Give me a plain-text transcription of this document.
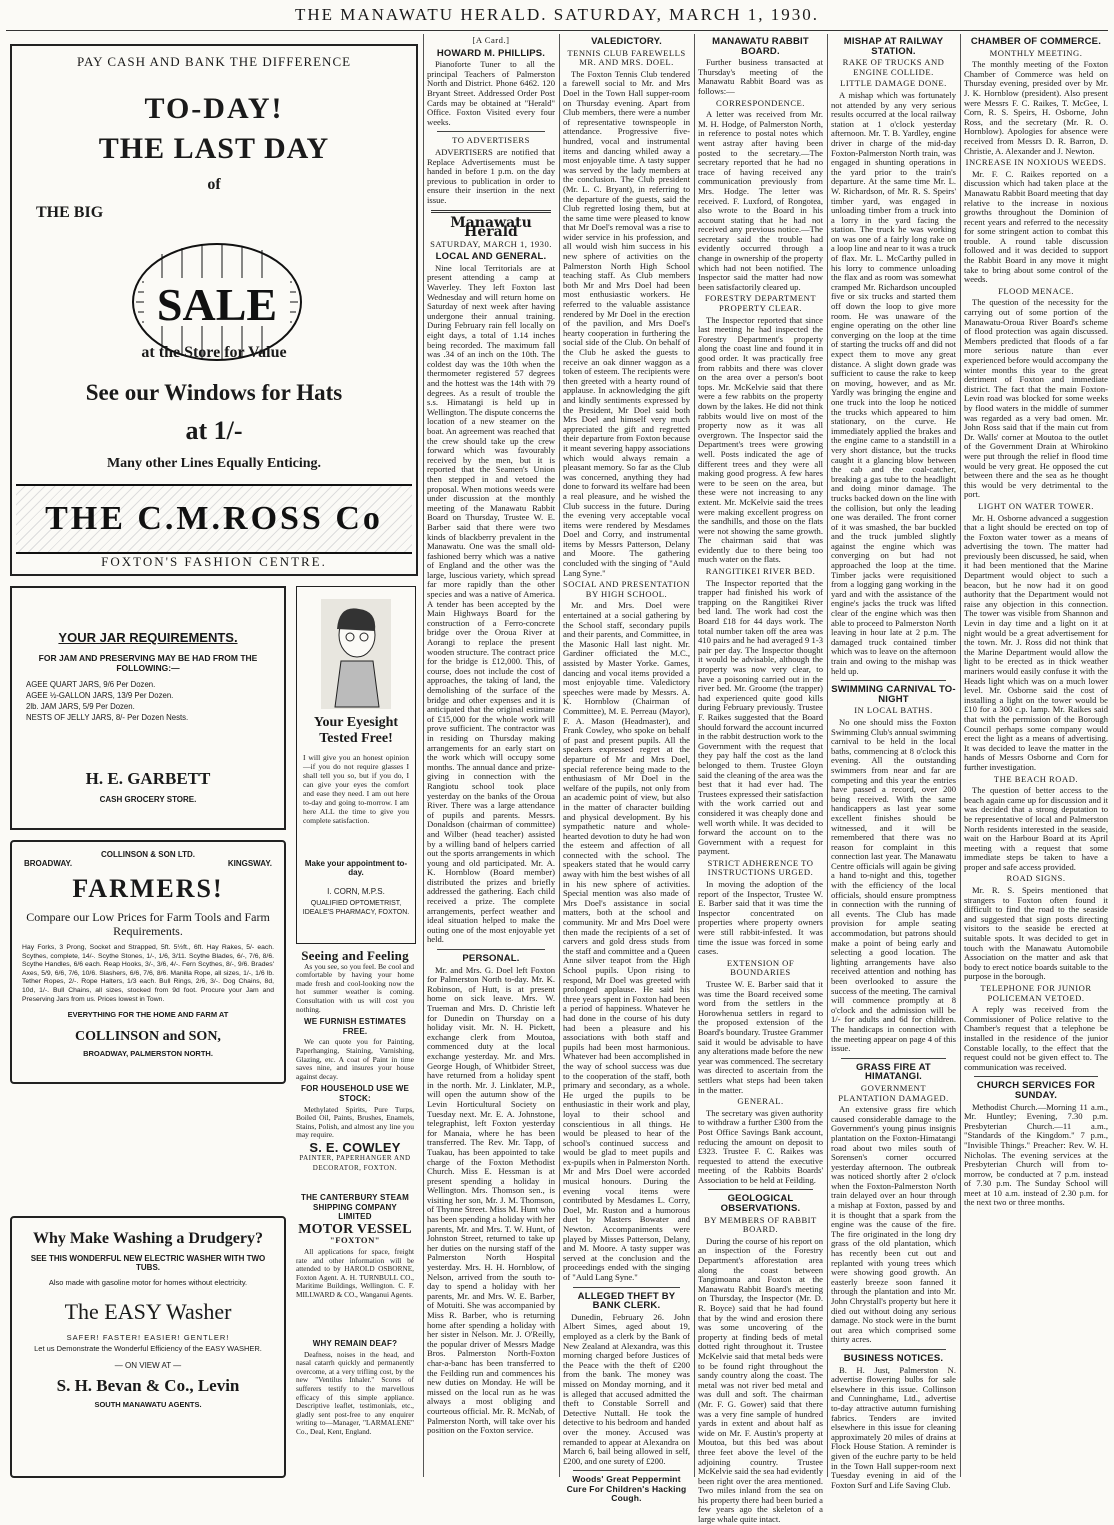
THE MANAWATU HERALD. SATURDAY, MARCH 1, 1930.
PAY CASH AND BANK THE DIFFERENCE
TO-DAY!
THE LAST DAY
of
THE BIG
SALE
at the Store for Value
See our Windows for Hats
at 1/-
Many other Lines Equally Enticing.
THE C.M.ROSS Co
FOXTON'S FASHION CENTRE.
YOUR JAR REQUIREMENTS.
FOR JAM AND PRESERVING MAY BE HAD FROM THE FOLLOWING:—
AGEE QUART JARS, 9/6 Per Dozen.
AGEE ½-GALLON JARS, 13/9 Per Dozen.
2lb. JAM JARS, 5/9 Per Dozen.
NESTS OF JELLY JARS, 8/- Per Dozen Nests.
H. E. GARBETT
CASH GROCERY STORE.
Your Eyesight Tested Free!
I will give you an honest opinion—if you do not require glasses I shall tell you so, but if you do, I can give your eyes the comfort and ease they need. I am out here to-day and going to-morrow. I am here ALL the time to give you complete satisfaction.
Make your appointment to-day.
I. CORN, M.P.S.
QUALIFIED OPTOMETRIST, IDEALE'S PHARMACY, FOXTON.
COLLINSON & SON LTD.
BROADWAY.	KINGSWAY.
FARMERS!
Compare our Low Prices for Farm Tools and Farm Requirements.
Hay Forks, 3 Prong, Socket and Strapped, 5ft. 5½ft., 6ft. Hay Rakes, 5/- each. Scythes, complete, 14/-. Scythe Stones, 1/-, 1/6, 3/11. Scythe Blades, 6/-, 7/6, 8/6. Scythe Handles, 6/6 each. Reap Hooks, 3/-, 3/6, 4/-. Fern Scythes, 8/-, 9/6. Brades' Axes, 5/9, 6/6, 7/6, 10/6. Slashers, 6/6, 7/6, 8/6. Manilla Rope, all sizes, 1/-, 1/6 lb. Tether Ropes, 2/-. Rope Halters, 1/3 each. Bull Rings, 2/6, 3/-. Dog Chains, 8d, 10d, 1/-. Bull Chains, all sizes, stocked from 9d foot. Procure your Jam and Preserving Jars from us. Prices lowest in Town.
EVERYTHING FOR THE HOME AND FARM AT
COLLINSON and SON,
BROADWAY, PALMERSTON NORTH.
Why Make Washing a Drudgery?
SEE THIS WONDERFUL NEW ELECTRIC WASHER WITH TWO TUBS.
Also made with gasoline motor for homes without electricity.
The EASY Washer
SAFER! FASTER! EASIER! GENTLER!
Let us Demonstrate the Wonderful Efficiency of the EASY WASHER.
— ON VIEW AT —
S. H. Bevan & Co., Levin
SOUTH MANAWATU AGENTS.
Seeing and Feeling

As you see, so you feel. Be cool and comfortable by having your home made fresh and cool-looking now the hot summer weather is coming. Consultation with us will cost you nothing.

WE FURNISH ESTIMATES FREE.

We can quote you for Painting, Paperhanging, Staining, Varnishing, Glazing, etc. A coat of Paint in time saves nine, and insures your house against decay.

FOR HOUSEHOLD USE WE STOCK:

Methylated Spirits, Pure Turps, Boiled Oil, Paints, Brushes, Enamels, Stains, Polish, and almost any line you may require.

S. E. COWLEY
PAINTER, PAPERHANGER AND DECORATOR, FOXTON.
THE CANTERBURY STEAM SHIPPING COMPANY LIMITED
MOTOR VESSEL
"FOXTON"

All applications for space, freight rate and other information will be attended to by HAROLD OSBORNE, Foxton Agent. A. H. TURNBULL CO., Maritime Buildings, Wellington. C. F. MILLWARD & CO., Wanganui Agents.

WHY REMAIN DEAF?

Deafness, noises in the head, and nasal catarrh quickly and permanently overcome, at a very trifling cost, by the new "Ventilus Inhaler." Scores of sufferers testify to the marvellous efficacy of this simple appliance. Descriptive leaflet, testimonials, etc., gladly sent post-free to any enquirer writing to—Manager, "LARMALENE" Co., Deal, Kent, England.

[A Card.]
HOWARD M. PHILLIPS.

Pianoforte Tuner to all the principal Teachers of Palmerston North and District. Phone 6462. 120 Bryant Street. Addressed Order Post Cards may be obtained at "Herald" Office. Foxton Visited every four weeks.

TO ADVERTISERS

ADVERTISERS are notified that Replace Advertisements must be handed in before 1 p.m. on the day previous to publication in order to ensure their insertion in the next issue.

Manawatu Herald
SATURDAY, MARCH 1, 1930.
LOCAL AND GENERAL.

Nine local Territorials are at present attending a camp at Waverley. They left Foxton last Wednesday and will return home on Saturday of next week after having undergone their annual training. During February rain fell locally on eight days, a total of 1.14 inches being recorded. The maximum fall was .34 of an inch on the 10th. The coldest day was the 10th when the thermometer registered 57 degrees and the hottest was the 14th with 79 degrees. As a result of trouble the s.s. Himatangi is held up in Wellington. The dispute concerns the location of a new steamer on the boat. An agreement was reached that the crew should take up the crew forward which was favourably received by the men, but it is reported that the Seamen's Union then stepped in and vetoed the proposal. When motions weeds were under discussion at the monthly meeting of the Manawatu Rabbit Board on Thursday, Trustee W. E. Barber said that there were two kinds of blackberry prevalent in the Manawatu. One was the small old-fashioned berry which was a native of England and the other was the large, luscious variety, which spread far more rapidly than the other species and was a native of America. A tender has been accepted by the Main Highways Board for the construction of a Ferro-concrete bridge over the Oroua River at Aorangi to replace the present wooden structure. The contract price for the bridge is £12,000. This, of course, does not include the cost of approaches, the taking of land, the demolishing of the surface of the bridge and other expenses and it is anticipated that the original estimate of £15,000 for the whole work will prove sufficient. The contractor was in residing on Thursday making arrangements for an early start on the work which will occupy some months. The annual dance and prize-giving in connection with the Rangiotu school took place yesterday on the banks of the Oroua River. There was a large attendance of pupils and parents. Messrs. Donaldson (chairman of committee) and Wilber (head teacher) assisted by a willing band of helpers carried out the sports arrangements in which young and old participated. Mr. A. K. Hornblow (Board member) distributed the prizes and briefly addressed the gathering. Each child received a prize. The complete arrangements, perfect weather and ideal situation helped to make the outing one of the most enjoyable yet held.

PERSONAL.

Mr. and Mrs. G. Doel left Foxton for Palmerston North to-day. Mr. K. Robinson, of Hutt, is at present home on sick leave. Mrs. W. Trueman and Mrs. D. Christie left for Dunedin on Thursday on a holiday visit. Mr. N. H. Pickett, exchange clerk from Moutoa, commenced duty at the local exchange yesterday. Mr. and Mrs. George Hough, of Whitbider Street, have returned from a holiday spent in the north. Mr. J. Linklater, M.P., will open the autumn show of the Levin Horticultural Society on Tuesday next. Mr. E. A. Johnstone, telegraphist, left Foxton yesterday for Manaia, where he has been transferred. The Rev. Mr. Tapp, of Tuakau, has been appointed to take charge of the Foxton Methodist Church. Miss E. Hessman is at present spending a holiday in Wellington. Mrs. Thomson sen., is visiting her son, Mr. J. M. Thomson, of Thynne Street. Miss M. Hunt who has been spending a holiday with her parents, Mr. and Mrs. T. W. Hunt, of Johnston Street, returned to take up her duties on the nursing staff of the Palmerston North Hospital yesterday. Mrs. H. H. Hornblow, of Nelson, arrived from the south to-day to spend a holiday with her parents, Mr. and Mrs. W. E. Barber, of Motuiti. She was accompanied by Miss R. Barber, who is returning home after spending a holiday with her sister in Nelson. Mr. J. O'Reilly, the popular driver of Messrs Madge Bros. Palmerston North-Foxton char-a-banc has been transferred to the Feilding run and commences his new duties on Monday. He will be missed on the local run as he was always a most obliging and courteous official. Mr. R. McNab, of Palmerston North, will take over his position on the Foxton service.

VALEDICTORY.
TENNIS CLUB FAREWELLS MR. AND MRS. DOEL.

The Foxton Tennis Club tendered a farewell social to Mr. and Mrs Doel in the Town Hall supper-room on Thursday evening. Apart from Club members, there were a number of representative townspeople in attendance. Progressive five-hundred, vocal and instrumental items and dancing whiled away a most enjoyable time. A tasty supper was served by the lady members at the conclusion. The Club president (Mr. L. C. Bryant), in referring to the departure of the guests, said the Club regretted losing them, but at the same time were pleased to know that Mr Doel's removal was a rise to wider service in his profession, and all would wish him success in his new sphere of activities on the Palmerston North High School teaching staff. As Club members both Mr and Mrs Doel had been most enthusiastic workers. He referred to the valuable assistance rendered by Mr Doel in the erection of the pavilion, and Mrs Doel's hearty cooperation in furthering the social side of the Club. On behalf of the Club he asked the guests to receive an oak dinner waggon as a token of esteem. The recipients were then greeted with a hearty round of applause. In acknowledging the gift and kindly sentiments expressed by the President, Mr Doel said both Mrs Doel and himself very much appreciated the gift and regretted their departure from Foxton because it meant severing happy associations which would always remain a pleasant memory. So far as the Club was concerned, anything they had done to forward its welfare had been a real pleasure, and he wished the Club success in the future. During the evening very acceptable vocal items were rendered by Mesdames Doel and Corry, and instrumental items by Messrs Patterson, Delany and Moore. The gathering concluded with the singing of "Auld Lang Syne."

SOCIAL AND PRESENTATION BY HIGH SCHOOL.

Mr. and Mrs. Doel were entertained at a social gathering by the School staff, secondary pupils and their parents, and Committee, in the Masonic Hall last night. Mr. Gardiner officiated the M.C., assisted by Master Yorke. Games, dancing and vocal items provided a most enjoyable time. Valedictory speeches were made by Messrs. A. K. Hornblow (Chairman of Committee), M. E. Perreau (Mayor), F. A. Mason (Headmaster), and Frank Cowley, who spoke on behalf of past and present pupils. All the speakers expressed regret at the departure of Mr and Mrs Doel, special reference being made to the enthusiasm of Mr Doel in the welfare of the pupils, not only from an academic point of view, but also in the matter of character building and physical development. By his sympathetic nature and whole-hearted devotion to duty he had won the esteem and affection of all connected with the school. The speakers stated that he would carry away with him the best wishes of all in his new sphere of activities. Special mention was also made of Mrs Doel's assistance in social matters, both at the school and community. Mr and Mrs Doel were then made the recipients of a set of carvers and gold dress studs from the staff and committee and a Queen Anne silver teapot from the High School pupils. Upon rising to respond, Mr Doel was greeted with prolonged applause. He said his three years spent in Foxton had been a period of happiness. Whatever he had done in the course of his duty had been a pleasure and his associations with both staff and pupils had been most harmonious. Whatever had been accomplished in the way of school success was due to the cooperation of the staff, both primary and secondary, as a whole. He urged the pupils to be enthusiastic in their work and play, loyal to their school and conscientious in all things. He would be pleased to hear of the school's continued success and would be glad to meet pupils and ex-pupils when in Palmerston North. Mr and Mrs Doel were accorded musical honours. During the evening vocal items were contributed by Mesdames L. Corry, Doel, Mr. Ruston and a humorous duet by Masters Bowater and Newton. Accompaniments were played by Misses Patterson, Delany, and M. Moore. A tasty supper was served at the conclusion and the proceedings ended with the singing of "Auld Lang Syne."

ALLEGED THEFT BY BANK CLERK.

Dunedin, February 26. John Albert Simes, aged about 19, employed as a clerk by the Bank of New Zealand at Alexandra, was this morning charged before Justices of the Peace with the theft of £200 from the bank. The money was missed on Monday morning, and it is alleged that accused admitted the theft to Constable Sorrell and Detective Nuttall. He took the detective to his bedroom and handed over the money. Accused was remanded to appear at Alexandra on March 6, bail being allowed in self, £200, and one surety of £200.

Woods' Great Peppermint Cure For Children's Hacking Cough.
MANAWATU RABBIT BOARD.

Further business transacted at Thursday's meeting of the Manawatu Rabbit Board was as follows:—

CORRESPONDENCE.

A letter was received from Mr. M. H. Hodge, of Palmerston North, in reference to postal notes which went astray after having been posted to the secretary.—The secretary reported that he had no trace of having received any communication previously from Mrs. Hodge. The letter was received. F. Luxford, of Rongotea, also wrote to the Board in his account stating that he had not received any previous notice.—The secretary said the trouble had evidently occurred through a change in ownership of the property which had not been notified. The Inspector said the matter had now been satisfactorily cleared up.

FORESTRY DEPARTMENT PROPERTY CLEAR.

The Inspector reported that since last meeting he had inspected the Forestry Department's property along the coast line and found it in good order. It was practically free from rabbits and there was clover on the area over a person's boot tops. Mr. McKelvie said that there were a few rabbits on the property down by the lakes. He did not think rabbits would live on most of the property now as it was all overgrown. The Inspector said the Department's trees were growing well. Posts indicated the age of different trees and they were all making good progress. A few hares were to be seen on the area, but these were not increasing to any extent. Mr. McKelvie said the trees were making excellent progress on the sandhills, and those on the flats were not showing the same growth. The chairman said that was evidently due to there being too much water on the flats.

RANGITIKEI RIVER BED.

The Inspector reported that the trapper had finished his work of trapping on the Rangitikei River bed land. The work had cost the Board £18 for 44 days work. The total number taken off the area was 410 pairs and he had averaged 9 1-3 pair per day. The Inspector thought it would be advisable, although the property was now very clear, to have a poisoning carried out in the river bed. Mr. Groome (the trapper) had experienced quite good kills during February previously. Trustee F. Raikes suggested that the Board should forward the account incurred in the rabbit destruction work to the Government with the request that they pay half the cost as the land belonged to them. Trustee Gloyn said the cleaning of the area was the best that it had ever had. The Trustees expressed their satisfaction with the work carried out and considered it was cheaply done and well worth while. It was decided to forward the account on to the Government with a request for payment.

STRICT ADHERENCE TO INSTRUCTIONS URGED.

In moving the adoption of the report of the Inspector, Trustee W. E. Barber said that it was time the Inspector concentrated on properties where property owners were still rabbit-infested. It was time the issue was forced in some cases.

EXTENSION OF BOUNDARIES

Trustee W. E. Barber said that it was time the Board received some word from the settlers in the Horowhenua settlers in regard to the proposed extension of the Board's boundary. Trustee Grammer said it would be advisable to have any alterations made before the new year was commenced. The secretary was directed to ascertain from the settlers what steps had been taken in the matter.

GENERAL.

The secretary was given authority to withdraw a further £300 from the Post Office Savings Bank account, reducing the amount on deposit to £323. Trustee F. C. Raikes was requested to attend the executive meeting of the Rabbits Boards' Association to be held at Feilding.

GEOLOGICAL OBSERVATIONS.
BY MEMBERS OF RABBIT BOARD.

During the course of his report on an inspection of the Forestry Department's afforestation area along the coast between Tangimoana and Foxton at the Manawatu Rabbit Board's meeting on Thursday, the Inspector (Mr. D. R. Boyce) said that he had found that by the wind and erosion there was some uncovering of the property at finding beds of metal dotted right throughout it. Trustee McKelvie said that metal beds were to be found right throughout the sandy country along the coast. The metal was not river bed metal and was dull and soft. The chairman (Mr. F. G. Gower) said that there was a very fine sample of hundred yards in extent and about half as wide on Mr. F. Austin's property at Moutoa, but this bed was about three feet above the level of the adjoining country. Trustee McKelvie said the sea had evidently been right over the area mentioned. Two miles inland from the sea on his property there had been buried a few years ago the skeleton of a large whale quite intact.

MISHAP AT RAILWAY STATION.
RAKE OF TRUCKS AND ENGINE COLLIDE.
LITTLE DAMAGE DONE.

A mishap which was fortunately not attended by any very serious results occurred at the local railway station at 1 o'clock yesterday afternoon. Mr. T. B. Yardley, engine driver in charge of the mid-day Foxton-Palmerston North train, was engaged in shunting operations in the yard prior to the train's departure. At the same time Mr. L. W. Richardson, of Mr. R. S. Speirs' timber yard, was engaged in unloading timber from a truck into a lorry in the yard facing the station. The truck he was working on was one of a fairly long rake on a loop line and near to it was a truck of flax. Mr. L. McCarthy pulled in his lorry to commence unloading the flax and as room was somewhat cramped Mr. Richardson uncoupled five or six trucks and started them off down the loop to give more room. He was unaware of the engine operating on the other line converging on the loop at the time of starting the trucks off and did not expect them to move any great distance. A slight down grade was sufficient to cause the rake to keep on moving, however, and as Mr. Yardly was bringing the engine and one truck into the loop he noticed the trucks which appeared to him stationary, on the curve. He immediately applied the brakes and the engine came to a standstill in a very short distance, but the trucks caught it a glancing blow between the cab and the coal-catcher, breaking a gas tube to the headlight and doing minor damage. The trucks backed down on the line with the collision, but only the leading one was derailed. The front corner of it was smashed, the bar buckled and the truck jumbled slightly against the engine which was converging on but had not approached the loop at the time. Timber jacks were requisitioned from a logging gang working in the yard and with the assistance of the engine's jacks the truck was lifted clear of the engine which was then able to proceed to Palmerston North leaving in hour late at 2 p.m. The damaged truck contained timber which was to leave on the afternoon train and owing to the mishap was held up.

SWIMMING CARNIVAL TO-NIGHT
IN LOCAL BATHS.

No one should miss the Foxton Swimming Club's annual swimming carnival to be held in the local baths, commencing at 8 o'clock this evening. All the outstanding swimmers from near and far are competing and this year the entries have passed a record, over 200 being received. With the same handicappers as last year some excellent finishes should be witnessed, and it will be remembered that there was no reason for complaint in this connection last year. The Manawatu Centre officials will again be giving a hand to-night and this, together with the efficiency of the local officials, should ensure promptness in connection with the running of all events. The Club has made provision for ample seating accommodation, but patrons should make a point of being early and selecting a good location. The lighting arrangements have also received attention and nothing has been overlooked to assure the success of the meeting. The carnival will commence promptly at 8 o'clock and the admission will be 1/- for adults and 6d for children. The handicaps in connection with the meeting appear on page 4 of this issue.

GRASS FIRE AT HIMATANGI.
GOVERNMENT PLANTATION DAMAGED.

An extensive grass fire which caused considerable damage to the Government's young pinus insignis plantation on the Foxton-Himatangi road about two miles south of Sorensen's corner occurred yesterday afternoon. The outbreak was noticed shortly after 2 o'clock when the Foxton-Palmerston North train delayed over an hour through a mishap at Foxton, passed by and it is thought that a spark from the engine was the cause of the fire. The fire originated in the long dry grass of the old plantation, which has recently been cut out and replanted with young trees which were showing good growth. An easterly breeze soon fanned it through the plantation and into Mr. John Chrystall's property but here it died out without doing any serious damage. No stock were in the burnt out area which comprised some thirty acres.

BUSINESS NOTICES.

B. H. Just, Palmerston N. advertise flowering bulbs for sale elsewhere in this issue. Collinson and Cunninghame, Ltd., advertise to-day attractive autumn furnishing fabrics. Tenders are invited elsewhere in this issue for cleaning approximately 20 miles of drains at Flock House Station. A reminder is given of the euchre party to be held in the Town Hall supper-room next Tuesday evening in aid of the Foxton Surf and Life Saving Club.

CHAMBER OF COMMERCE.
MONTHLY MEETING.

The monthly meeting of the Foxton Chamber of Commerce was held on Thursday evening, presided over by Mr. J. K. Hornblow (president). Also present were Messrs F. C. Raikes, T. McGee, I. Corn, R. S. Speirs, H. Osborne, John Ross, and the secretary (Mr. R. O. Hornblow). Apologies for absence were received from Messrs D. R. Barron, D. Christie, A. Alexander and J. Newton.

INCREASE IN NOXIOUS WEEDS.

Mr. F. C. Raikes reported on a discussion which had taken place at the Manawatu Rabbit Board meeting that day relative to the increase in noxious growths throughout the Dominion of recent years and referred to the necessity for some stringent action to combat this trouble. A round table discussion followed and it was decided to support the Rabbit Board in any move it might take to bring about some control of the weeds.

FLOOD MENACE.

The question of the necessity for the carrying out of some portion of the Manawatu-Oroua River Board's scheme of flood protection was again discussed. Members predicted that floods of a far more serious nature than ever experienced before would accompany the winter months this year to the great detriment of Foxton and immediate district. The fact that the main Foxton-Levin road was blocked for some weeks by flood waters in the middle of summer was regarded as a very bad omen. Mr. John Ross said that if the main cut from Dr. Walls' corner at Moutoa to the outlet of the Government Drain at Whirokino were put through the relief in flood time would be very great. He opposed the cut between there and the sea as he thought this would be very detrimental to the port.

LIGHT ON WATER TOWER.

Mr. H. Osborne advanced a suggestion that a light should be erected on top of the Foxton water tower as a means of advertising the town. The matter had previously been discussed, he said, when it had been mentioned that the Marine Department would object to such a beacon, but he now had it on good authority that the Department would not raise any objection in this connection. The tower was visible from Shannon and Levin in day time and a light on it at night would be a great advertisement for the town. Mr. J. Ross did not think that the Marine Department would allow the light to be erected as in thick weather mariners would easily confuse it with the Heads light which was on a much lower level. Mr. Osborne said the cost of installing a light on the tower would be £10 for a 300 c.p. lamp. Mr. Raikes said that with the permission of the Borough Council perhaps some company would erect the light as a means of advertising. It was decided to leave the matter in the hands of Messrs Osborne and Corn for further investigation.

THE BEACH ROAD.

The question of better access to the beach again came up for discussion and it was decided that a strong deputation to be representative of local and Palmerston North residents interested in the seaside, wait on the Harbour Board at its April meeting with a request that some immediate steps be taken to have a proper and safe access provided.

ROAD SIGNS.

Mr. R. S. Speirs mentioned that strangers to Foxton often found it difficult to find the road to the seaside and suggested that sign posts directing visitors to the seaside be erected at suitable spots. It was decided to get in touch with the Manawatu Automobile Association on the matter and ask that body to erect notice boards suitable to the purpose in the borough.

TELEPHONE FOR JUNIOR POLICEMAN VETOED.

A reply was received from the Commissioner of Police relative to the Chamber's request that a telephone be installed in the residence of the junior Constable locally, to the effect that the request could not be given effect to. The communication was received.

CHURCH SERVICES FOR SUNDAY.

Methodist Church.—Morning 11 a.m., Mr. Huntley; Evening, 7.30 p.m. Presbyterian Church.—11 a.m., "Standards of the Kingdom." 7 p.m., "Invisible Things." Preacher: Rev. W. H. Nicholas. The evening services at the Presbyterian Church will from to-morrow, be conducted at 7 p.m. instead of 7.30 p.m. The Sunday School will meet at 10 a.m. instead of 2.30 p.m. for the next two or three months.
